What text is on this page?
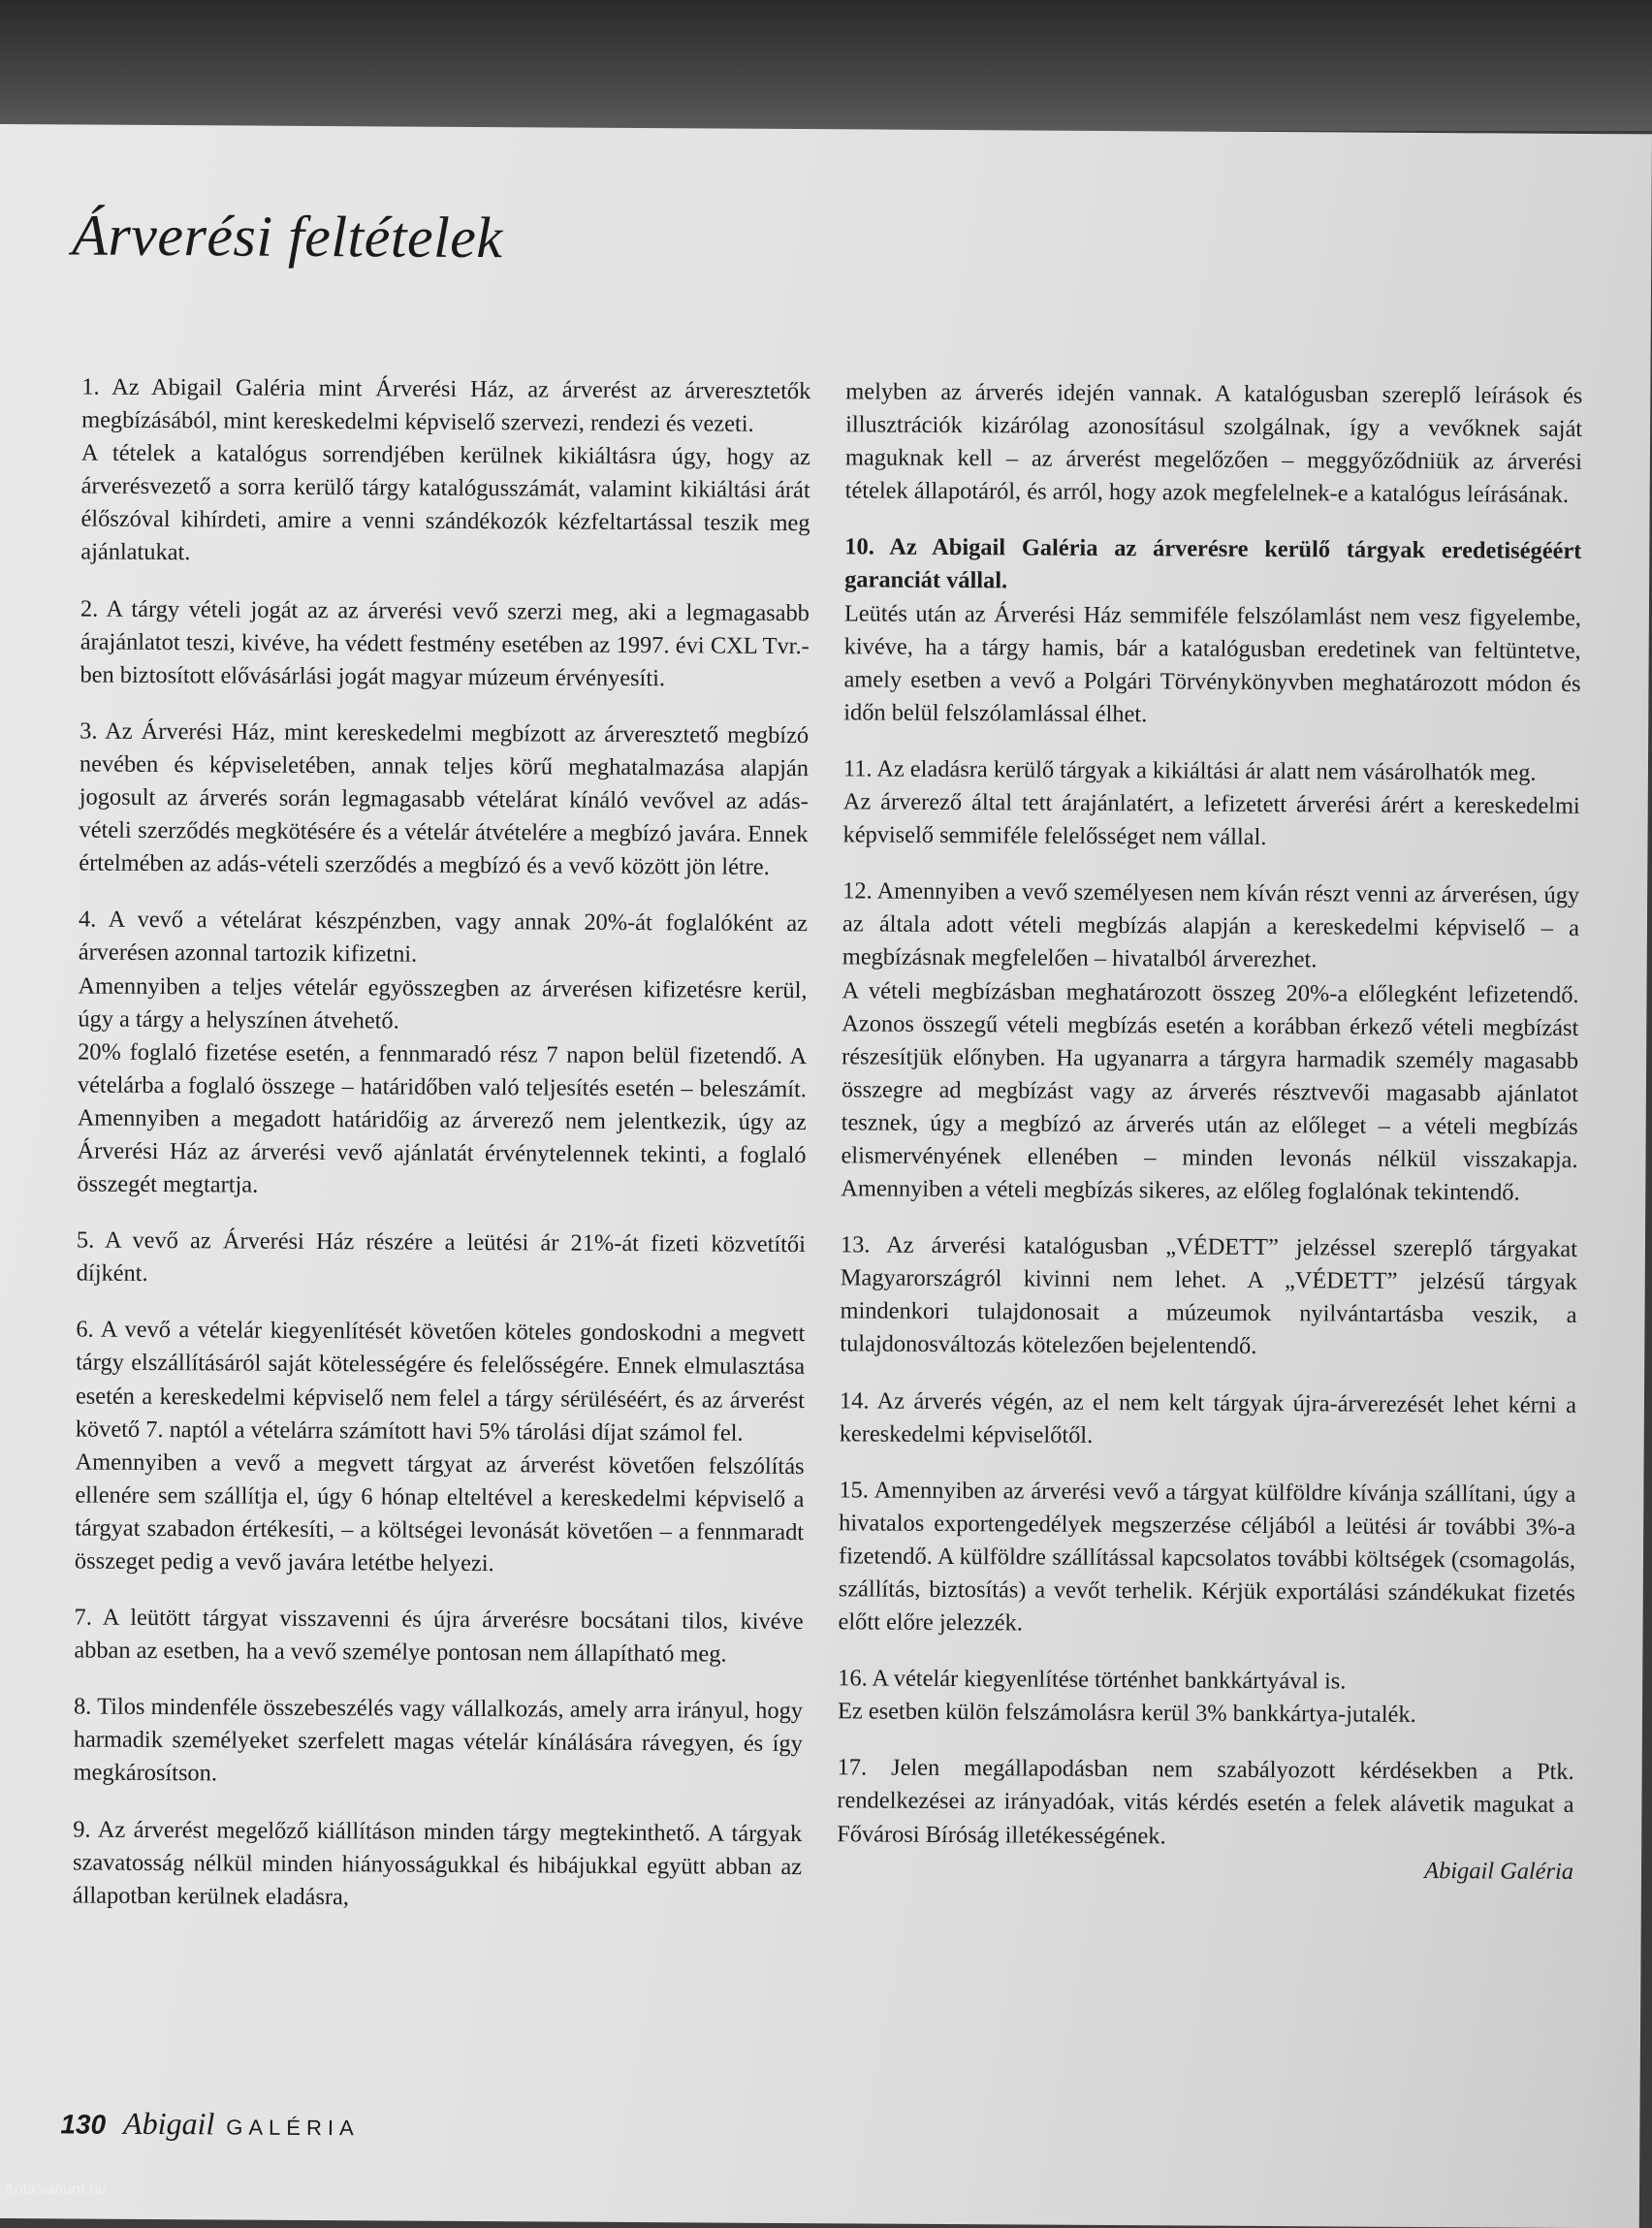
Árverési feltételek

1. Az Abigail Galéria mint Árverési Ház, az árverést az árveresztetők megbízásából, mint kereskedelmi képviselő szervezi, rendezi és vezeti.
A tételek a katalógus sorrendjében kerülnek kikiáltásra úgy, hogy az árverésvezető a sorra kerülő tárgy katalógusszámát, valamint kikiáltási árát élőszóval kihírdeti, amire a venni szándékozók kézfeltartással teszik meg ajánlatukat.

2. A tárgy vételi jogát az az árverési vevő szerzi meg, aki a legmagasabb árajánlatot teszi, kivéve, ha védett festmény esetében az 1997. évi CXL Tvr.-ben biztosított elővásárlási jogát magyar múzeum érvényesíti.

3. Az Árverési Ház, mint kereskedelmi megbízott az árveresztető megbízó nevében és képviseletében, annak teljes körű meghatalmazása alapján jogosult az árverés során legmagasabb vételárat kínáló vevővel az adás-vételi szerződés megkötésére és a vételár átvételére a megbízó javára. Ennek értelmében az adás-vételi szerződés a megbízó és a vevő között jön létre.

4. A vevő a vételárat készpénzben, vagy annak 20%-át foglalóként az árverésen azonnal tartozik kifizetni.
Amennyiben a teljes vételár egyösszegben az árverésen kifizetésre kerül, úgy a tárgy a helyszínen átvehető.
20% foglaló fizetése esetén, a fennmaradó rész 7 napon belül fizetendő. A vételárba a foglaló összege – határidőben való teljesítés esetén – beleszámít. Amennyiben a megadott határidőig az árverező nem jelentkezik, úgy az Árverési Ház az árverési vevő ajánlatát érvénytelennek tekinti, a foglaló összegét megtartja.

5. A vevő az Árverési Ház részére a leütési ár 21%-át fizeti közvetítői díjként.

6. A vevő a vételár kiegyenlítését követően köteles gondoskodni a megvett tárgy elszállításáról saját kötelességére és felelősségére. Ennek elmulasztása esetén a kereskedelmi képviselő nem felel a tárgy sérüléséért, és az árverést követő 7. naptól a vételárra számított havi 5% tárolási díjat számol fel.
Amennyiben a vevő a megvett tárgyat az árverést követően felszólítás ellenére sem szállítja el, úgy 6 hónap elteltével a kereskedelmi képviselő a tárgyat szabadon értékesíti, – a költségei levonását követően – a fennmaradt összeget pedig a vevő javára letétbe helyezi.

7. A leütött tárgyat visszavenni és újra árverésre bocsátani tilos, kivéve abban az esetben, ha a vevő személye pontosan nem állapítható meg.

8. Tilos mindenféle összebeszélés vagy vállalkozás, amely arra irányul, hogy harmadik személyeket szerfelett magas vételár kínálására rávegyen, és így megkárosítson.

9. Az árverést megelőző kiállításon minden tárgy megtekinthető. A tárgyak szavatosság nélkül minden hiányosságukkal és hibájukkal együtt abban az állapotban kerülnek eladásra,

melyben az árverés idején vannak. A katalógusban szereplő leírások és illusztrációk kizárólag azonosításul szolgálnak, így a vevőknek saját maguknak kell – az árverést megelőzően – meggyőződniük az árverési tételek állapotáról, és arról, hogy azok megfelelnek-e a katalógus leírásának.

10. Az Abigail Galéria az árverésre kerülő tárgyak eredetiségéért garanciát vállal.
Leütés után az Árverési Ház semmiféle felszólamlást nem vesz figyelembe, kivéve, ha a tárgy hamis, bár a katalógusban eredetinek van feltüntetve, amely esetben a vevő a Polgári Törvénykönyvben meghatározott módon és időn belül felszólamlással élhet.

11. Az eladásra kerülő tárgyak a kikiáltási ár alatt nem vásárolhatók meg.
Az árverező által tett árajánlatért, a lefizetett árverési árért a kereskedelmi képviselő semmiféle felelősséget nem vállal.

12. Amennyiben a vevő személyesen nem kíván részt venni az árverésen, úgy az általa adott vételi megbízás alapján a kereskedelmi képviselő – a megbízásnak megfelelően – hivatalból árverezhet.
A vételi megbízásban meghatározott összeg 20%-a előlegként lefizetendő. Azonos összegű vételi megbízás esetén a korábban érkező vételi megbízást részesítjük előnyben. Ha ugyanarra a tárgyra harmadik személy magasabb összegre ad megbízást vagy az árverés résztvevői magasabb ajánlatot tesznek, úgy a megbízó az árverés után az előleget – a vételi megbízás elismervényének ellenében – minden levonás nélkül visszakapja. Amennyiben a vételi megbízás sikeres, az előleg foglalónak tekintendő.

13. Az árverési katalógusban „VÉDETT” jelzéssel szereplő tárgyakat Magyarországról kivinni nem lehet. A „VÉDETT” jelzésű tárgyak mindenkori tulajdonosait a múzeumok nyilvántartásba veszik, a tulajdonosváltozás kötelezően bejelentendő.

14. Az árverés végén, az el nem kelt tárgyak újra-árverezését lehet kérni a kereskedelmi képviselőtől.

15. Amennyiben az árverési vevő a tárgyat külföldre kívánja szállítani, úgy a hivatalos exportengedélyek megszerzése céljából a leütési ár további 3%-a fizetendő. A külföldre szállítással kapcsolatos további költségek (csomagolás, szállítás, biztosítás) a vevőt terhelik. Kérjük exportálási szándékukat fizetés előtt előre jelezzék.

16. A vételár kiegyenlítése történhet bankkártyával is.
Ez esetben külön felszámolásra kerül 3% bankkártya-jutalék.

17. Jelen megállapodásban nem szabályozott kérdésekben a Ptk. rendelkezései az irányadóak, vitás kérdés esetén a felek alávetik magukat a Fővárosi Bíróság illetékességének.

Abigail Galéria
130 Abigail GALÉRIA
Antikvarium.hu
